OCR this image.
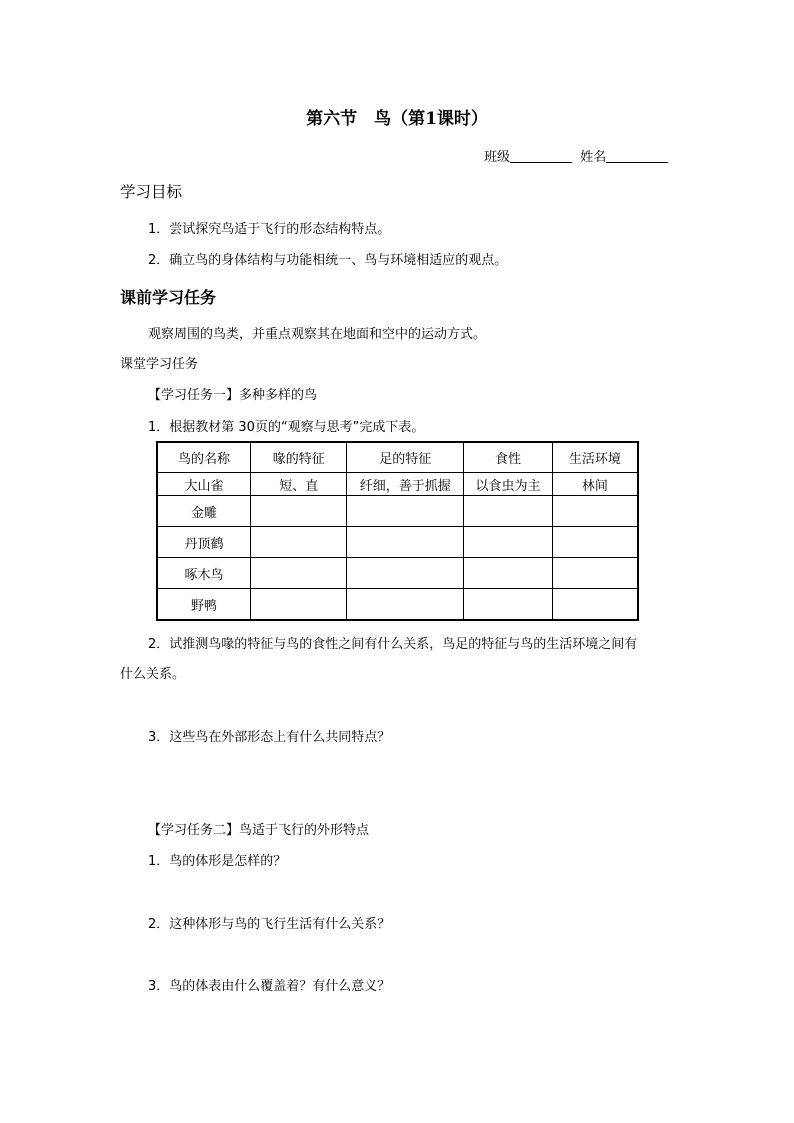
第六节　鸟（第1课时）
班级	姓名
学习目标
1．尝试探究鸟适于飞行的形态结构特点。
2．确立鸟的身体结构与功能相统一、鸟与环境相适应的观点。
课前学习任务
观察周围的鸟类，并重点观察其在地面和空中的运动方式。
课堂学习任务
【学习任务一】多种多样的鸟
1．根据教材第 30页的“观察与思考”完成下表。
鸟的名称	喙的特征	足的特征	食性	生活环境
大山雀	短、直	纤细，善于抓握	以食虫为主	林间
金雕				
丹顶鹤				
啄木鸟				
野鸭				
2．试推测鸟喙的特征与鸟的食性之间有什么关系，鸟足的特征与鸟的生活环境之间有
什么关系。
3．这些鸟在外部形态上有什么共同特点？
【学习任务二】鸟适于飞行的外形特点
1．鸟的体形是怎样的？
2．这种体形与鸟的飞行生活有什么关系？
3．鸟的体表由什么覆盖着？有什么意义？
